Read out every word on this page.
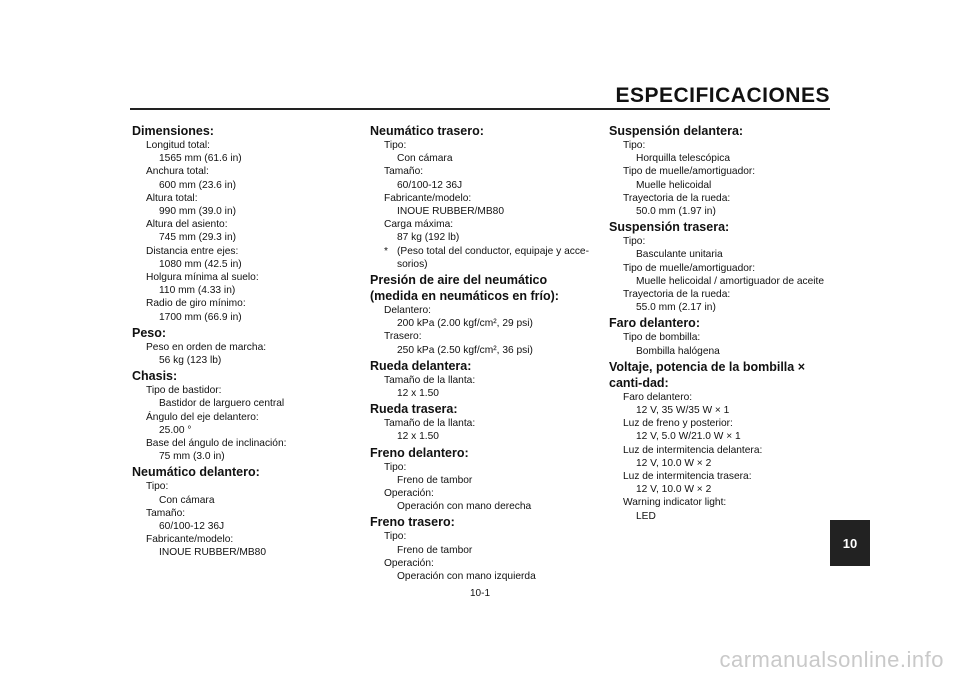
ESPECIFICACIONES
Dimensiones:
Longitud total:
1565 mm (61.6 in)
Anchura total:
600 mm (23.6 in)
Altura total:
990 mm (39.0 in)
Altura del asiento:
745 mm (29.3 in)
Distancia entre ejes:
1080 mm (42.5 in)
Holgura mínima al suelo:
110 mm (4.33 in)
Radio de giro mínimo:
1700 mm (66.9 in)
Peso:
Peso en orden de marcha:
56 kg (123 lb)
Chasis:
Tipo de bastidor:
Bastidor de larguero central
Ángulo del eje delantero:
25.00 °
Base del ángulo de inclinación:
75 mm (3.0 in)
Neumático delantero:
Tipo:
Con cámara
Tamaño:
60/100-12 36J
Fabricante/modelo:
INOUE RUBBER/MB80
Neumático trasero:
Tipo:
Con cámara
Tamaño:
60/100-12 36J
Fabricante/modelo:
INOUE RUBBER/MB80
Carga máxima:
87 kg (192 lb)
* (Peso total del conductor, equipaje y acce-sorios)
Presión de aire del neumático (medida en neumáticos en frío):
Delantero:
200 kPa (2.00 kgf/cm², 29 psi)
Trasero:
250 kPa (2.50 kgf/cm², 36 psi)
Rueda delantera:
Tamaño de la llanta:
12 x 1.50
Rueda trasera:
Tamaño de la llanta:
12 x 1.50
Freno delantero:
Tipo:
Freno de tambor
Operación:
Operación con mano derecha
Freno trasero:
Tipo:
Freno de tambor
Operación:
Operación con mano izquierda
Suspensión delantera:
Tipo:
Horquilla telescópica
Tipo de muelle/amortiguador:
Muelle helicoidal
Trayectoria de la rueda:
50.0 mm (1.97 in)
Suspensión trasera:
Tipo:
Basculante unitaria
Tipo de muelle/amortiguador:
Muelle helicoidal / amortiguador de aceite
Trayectoria de la rueda:
55.0 mm (2.17 in)
Faro delantero:
Tipo de bombilla:
Bombilla halógena
Voltaje, potencia de la bombilla × canti-dad:
Faro delantero:
12 V, 35 W/35 W × 1
Luz de freno y posterior:
12 V, 5.0 W/21.0 W × 1
Luz de intermitencia delantera:
12 V, 10.0 W × 2
Luz de intermitencia trasera:
12 V, 10.0 W × 2
Warning indicator light:
LED
10
10-1
carmanualsonline.info
